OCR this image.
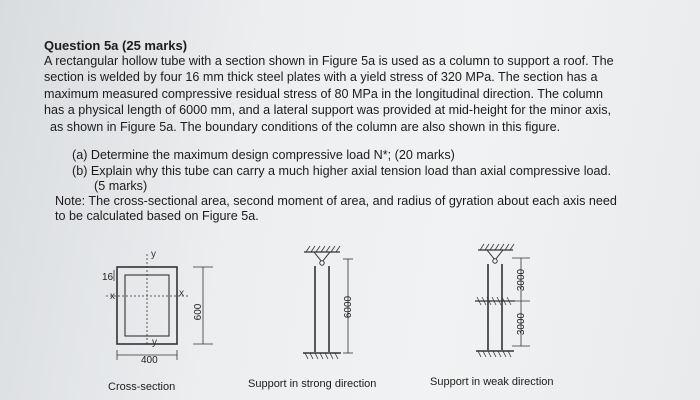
Question 5a (25 marks)
A rectangular hollow tube with a section shown in Figure 5a is used as a column to support a roof. The
section is welded by four 16 mm thick steel plates with a yield stress of 320 MPa. The section has a
maximum measured compressive residual stress of 80 MPa in the longitudinal direction. The column
has a physical length of 6000 mm, and a lateral support was provided at mid-height for the minor axis,
as shown in Figure 5a. The boundary conditions of the column are also shown in this figure.
(a) Determine the maximum design compressive load N*; (20 marks)
(b) Explain why this tube can carry a much higher axial tension load than axial compressive load.
(5 marks)
Note: The cross-sectional area, second moment of area, and radius of gyration about each axis need
to be calculated based on Figure 5a.
y
y
x	x
16
400
600	6000
3000
3000
Cross-section	Support in strong direction	Support in weak direction
